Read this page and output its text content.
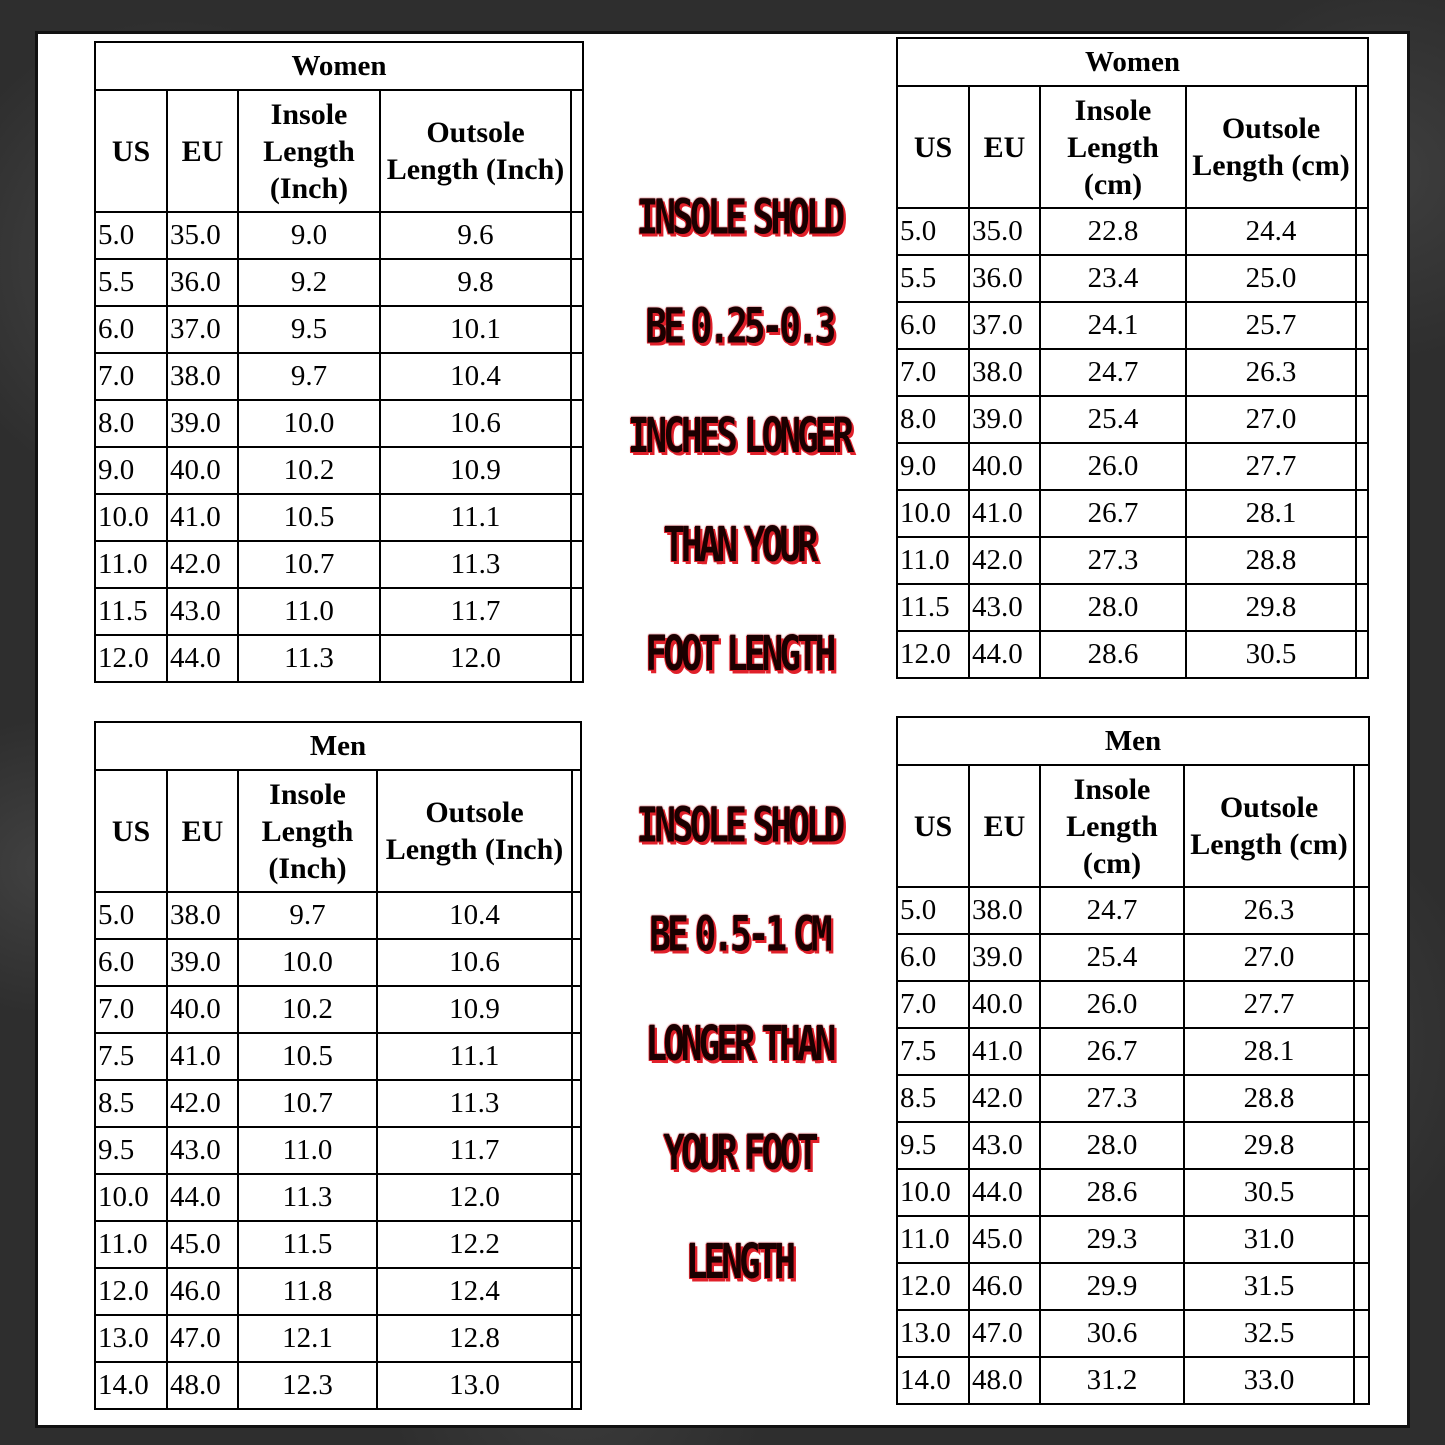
Women				
US	EU	Insole Length (Inch)	Outsole Length (Inch)	
5.0	35.0	9.0	9.6	
5.5	36.0	9.2	9.8	
6.0	37.0	9.5	10.1	
7.0	38.0	9.7	10.4	
8.0	39.0	10.0	10.6	
9.0	40.0	10.2	10.9	
10.0	41.0	10.5	11.1	
11.0	42.0	10.7	11.3	
11.5	43.0	11.0	11.7	
12.0	44.0	11.3	12.0	
Women				
US	EU	Insole Length (cm)	Outsole Length (cm)	
5.0	35.0	22.8	24.4	
5.5	36.0	23.4	25.0	
6.0	37.0	24.1	25.7	
7.0	38.0	24.7	26.3	
8.0	39.0	25.4	27.0	
9.0	40.0	26.0	27.7	
10.0	41.0	26.7	28.1	
11.0	42.0	27.3	28.8	
11.5	43.0	28.0	29.8	
12.0	44.0	28.6	30.5	
Men				
US	EU	Insole Length (Inch)	Outsole Length (Inch)	
5.0	38.0	9.7	10.4	
6.0	39.0	10.0	10.6	
7.0	40.0	10.2	10.9	
7.5	41.0	10.5	11.1	
8.5	42.0	10.7	11.3	
9.5	43.0	11.0	11.7	
10.0	44.0	11.3	12.0	
11.0	45.0	11.5	12.2	
12.0	46.0	11.8	12.4	
13.0	47.0	12.1	12.8	
14.0	48.0	12.3	13.0	
Men				
US	EU	Insole Length (cm)	Outsole Length (cm)	
5.0	38.0	24.7	26.3	
6.0	39.0	25.4	27.0	
7.0	40.0	26.0	27.7	
7.5	41.0	26.7	28.1	
8.5	42.0	27.3	28.8	
9.5	43.0	28.0	29.8	
10.0	44.0	28.6	30.5	
11.0	45.0	29.3	31.0	
12.0	46.0	29.9	31.5	
13.0	47.0	30.6	32.5	
14.0	48.0	31.2	33.0	
INSOLE SHOLD
BE 0.25-0.3
INCHES LONGER
THAN YOUR
FOOT LENGTH
INSOLE SHOLD
BE 0.5-1 CM
LONGER THAN
YOUR FOOT
LENGTH
